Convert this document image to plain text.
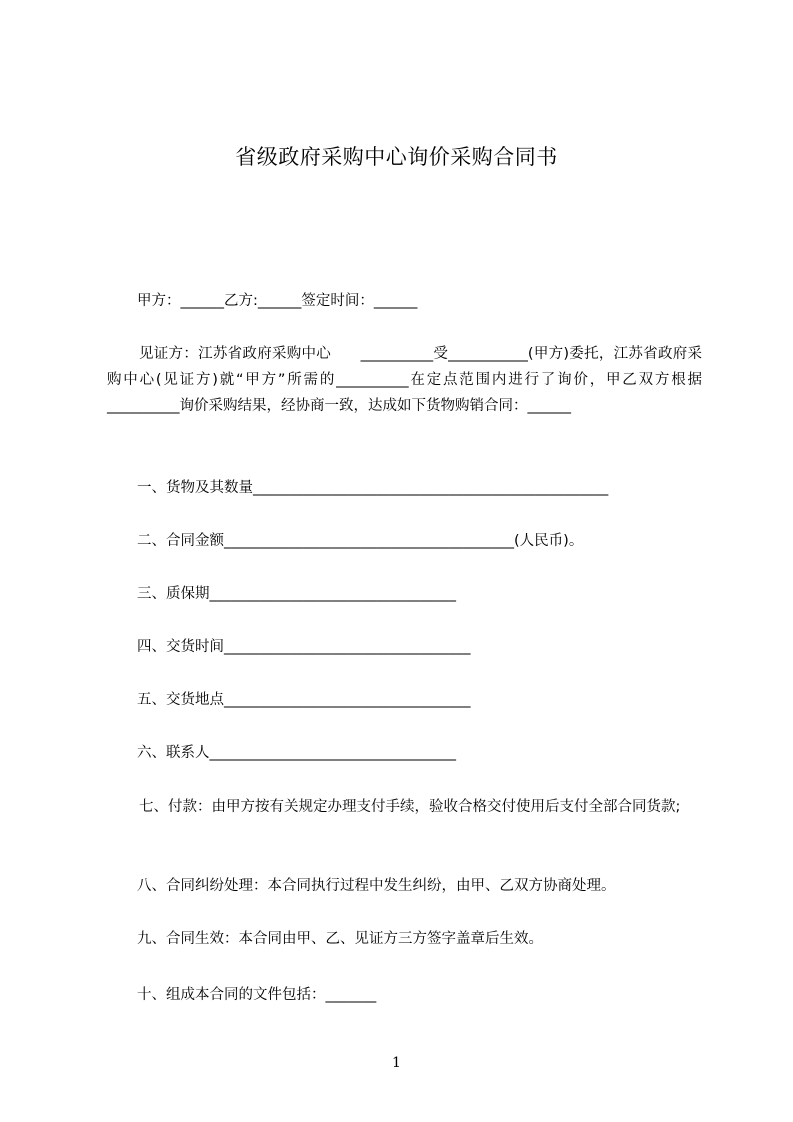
省级政府采购中心询价采购合同书
甲方：______乙方:______签定时间：______
见证方：江苏省政府采购中心　　__________受___________(甲方)委托，江苏省政府采购中心(见证方)就“甲方”所需的__________在定点范围内进行了询价，甲乙双方根据__________询价采购结果，经协商一致，达成如下货物购销合同：______
一、货物及其数量_________________________________________________
二、合同金额________________________________________(人民币)。
三、质保期__________________________________
四、交货时间__________________________________
五、交货地点__________________________________
六、联系人__________________________________
七、付款：由甲方按有关规定办理支付手续，验收合格交付使用后支付全部合同货款;
八、合同纠纷处理：本合同执行过程中发生纠纷，由甲、乙双方协商处理。
九、合同生效：本合同由甲、乙、见证方三方签字盖章后生效。
十、组成本合同的文件包括：_______
1
